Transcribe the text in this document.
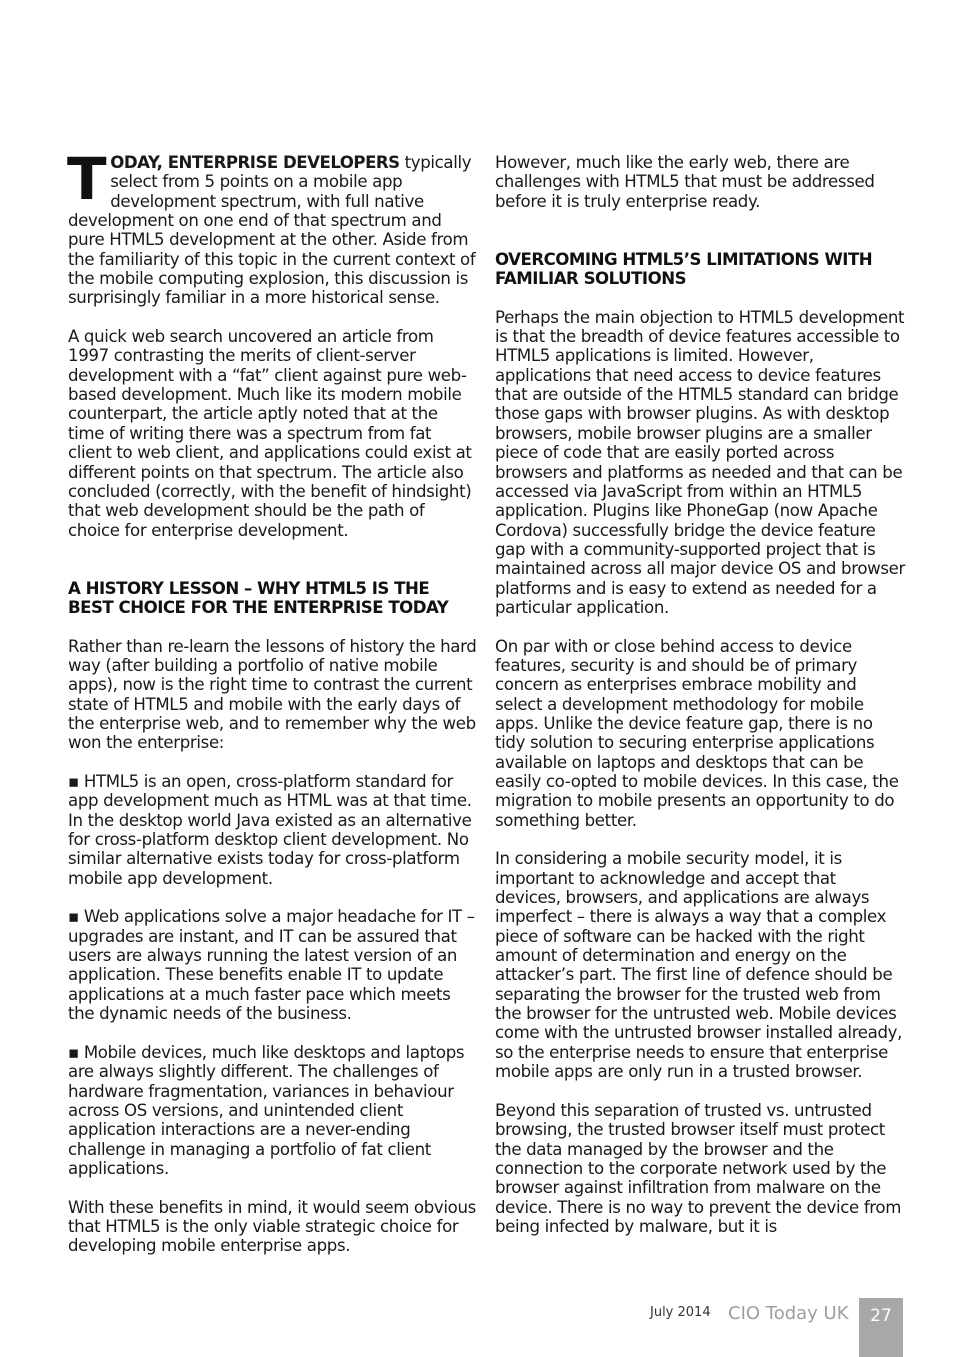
TODAY, ENTERPRISE DEVELOPERS typically select from 5 points on a mobile app development spectrum, with full native development on one end of that spectrum and pure HTML5 development at the other. Aside from the familiarity of this topic in the current context of the mobile computing explosion, this discussion is surprisingly familiar in a more historical sense.

A quick web search uncovered an article from 1997 contrasting the merits of client-server development with a “fat” client against pure web-based development. Much like its modern mobile counterpart, the article aptly noted that at the time of writing there was a spectrum from fat client to web client, and applications could exist at different points on that spectrum. The article also concluded (correctly, with the benefit of hindsight) that web development should be the path of choice for enterprise development.

A HISTORY LESSON – WHY HTML5 IS THE BEST CHOICE FOR THE ENTERPRISE TODAY

Rather than re-learn the lessons of history the hard way (after building a portfolio of native mobile apps), now is the right time to contrast the current state of HTML5 and mobile with the early days of the enterprise web, and to remember why the web won the enterprise:

▪ HTML5 is an open, cross-platform standard for app development much as HTML was at that time. In the desktop world Java existed as an alternative for cross-platform desktop client development. No similar alternative exists today for cross-platform mobile app development.

▪ Web applications solve a major headache for IT – upgrades are instant, and IT can be assured that users are always running the latest version of an application. These benefits enable IT to update applications at a much faster pace which meets the dynamic needs of the business.

▪ Mobile devices, much like desktops and laptops are always slightly different. The challenges of hardware fragmentation, variances in behaviour across OS versions, and unintended client application interactions are a never-ending challenge in managing a portfolio of fat client applications.

With these benefits in mind, it would seem obvious that HTML5 is the only viable strategic choice for developing mobile enterprise apps.

However, much like the early web, there are challenges with HTML5 that must be addressed before it is truly enterprise ready.

OVERCOMING HTML5’S LIMITATIONS WITH FAMILIAR SOLUTIONS

Perhaps the main objection to HTML5 development is that the breadth of device features accessible to HTML5 applications is limited. However, applications that need access to device features that are outside of the HTML5 standard can bridge those gaps with browser plugins. As with desktop browsers, mobile browser plugins are a smaller piece of code that are easily ported across browsers and platforms as needed and that can be accessed via JavaScript from within an HTML5 application. Plugins like PhoneGap (now Apache Cordova) successfully bridge the device feature gap with a community-supported project that is maintained across all major device OS and browser platforms and is easy to extend as needed for a particular application.

On par with or close behind access to device features, security is and should be of primary concern as enterprises embrace mobility and select a development methodology for mobile apps. Unlike the device feature gap, there is no tidy solution to securing enterprise applications available on laptops and desktops that can be easily co-opted to mobile devices. In this case, the migration to mobile presents an opportunity to do something better.

In considering a mobile security model, it is important to acknowledge and accept that devices, browsers, and applications are always imperfect – there is always a way that a complex piece of software can be hacked with the right amount of determination and energy on the attacker’s part. The first line of defence should be separating the browser for the trusted web from the browser for the untrusted web. Mobile devices come with the untrusted browser installed already, so the enterprise needs to ensure that enterprise mobile apps are only run in a trusted browser.

Beyond this separation of trusted vs. untrusted browsing, the trusted browser itself must protect the data managed by the browser and the connection to the corporate network used by the browser against infiltration from malware on the device. There is no way to prevent the device from being infected by malware, but it is

July 2014 CIO Today UK	27
